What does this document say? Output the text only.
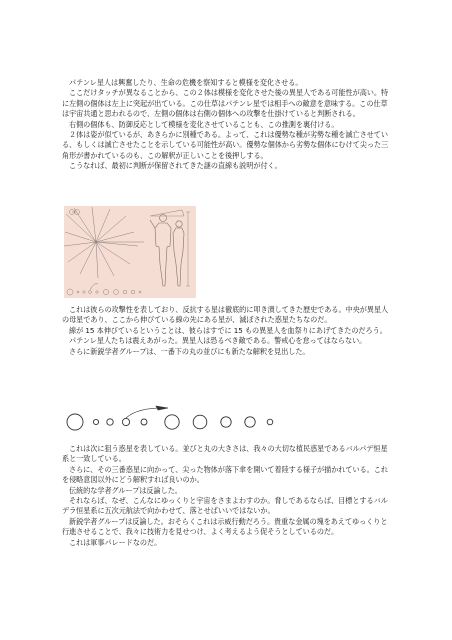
パテンレ星人は興奮したり、生命の危機を察知すると模様を変化させる。

ここだけタッチが異なることから、この２体は模様を変化させた後の異星人である可能性が高い。特に左側の個体は左上に突起が出ている。この仕草はパテンレ星では相手への敵意を意味する。この仕草は宇宙共通と思われるので、左側の個体は右側の個体への攻撃を仕掛けていると判断される。

右側の個体も、防御反応として模様を変化させていることも、この推測を裏付ける。

２体は姿が似ているが、あきらかに別種である。よって、これは優勢な種が劣勢な種を滅亡させている、もしくは滅亡させたことを示している可能性が高い。優勢な個体から劣勢な個体にむけて尖った三角形が書かれているのも、この解釈が正しいことを後押しする。

こうなれば、最初に判断が保留されてきた謎の直線も説明が付く。

これは彼らの攻撃性を表しており、反抗する星は徹底的に叩き潰してきた歴史である。中央が異星人の母星であり、ここから伸びている線の先にある星が、滅ぼされた惑星たちなのだ。

線が 15 本伸びているということは、彼らはすでに 15 もの異星人を血祭りにあげてきたのだろう。

パテンレ星人たちは震えあがった。異星人は恐るべき敵である。警戒心を怠ってはならない。

さらに新鋭学者グループは、一番下の丸の並びにも新たな解釈を見出した。

これは次に狙う惑星を表している。並びと丸の大きさは、我々の大切な植民惑星であるバルパデ恒星系と一致している。

さらに、その三番惑星に向かって、尖った物体が落下傘を開いて着陸する様子が描かれている。これを侵略意図以外にどう解釈すれば良いのか。

伝統的な学者グループは反論した。

それならば、なぜ、こんなにゆっくりと宇宙をさまよわすのか。脅しであるならば、目標とするバルデラ恒星系に五次元航法で向かわせて、落とせばいいではないか。

新鋭学者グループは反論した。おそらくこれは示威行動だろう。貴重な金属の塊をあえてゆっくりと行進させることで、我々に技術力を見せつけ、よく考えるよう促そうとしているのだ。

これは軍事パレードなのだ。
